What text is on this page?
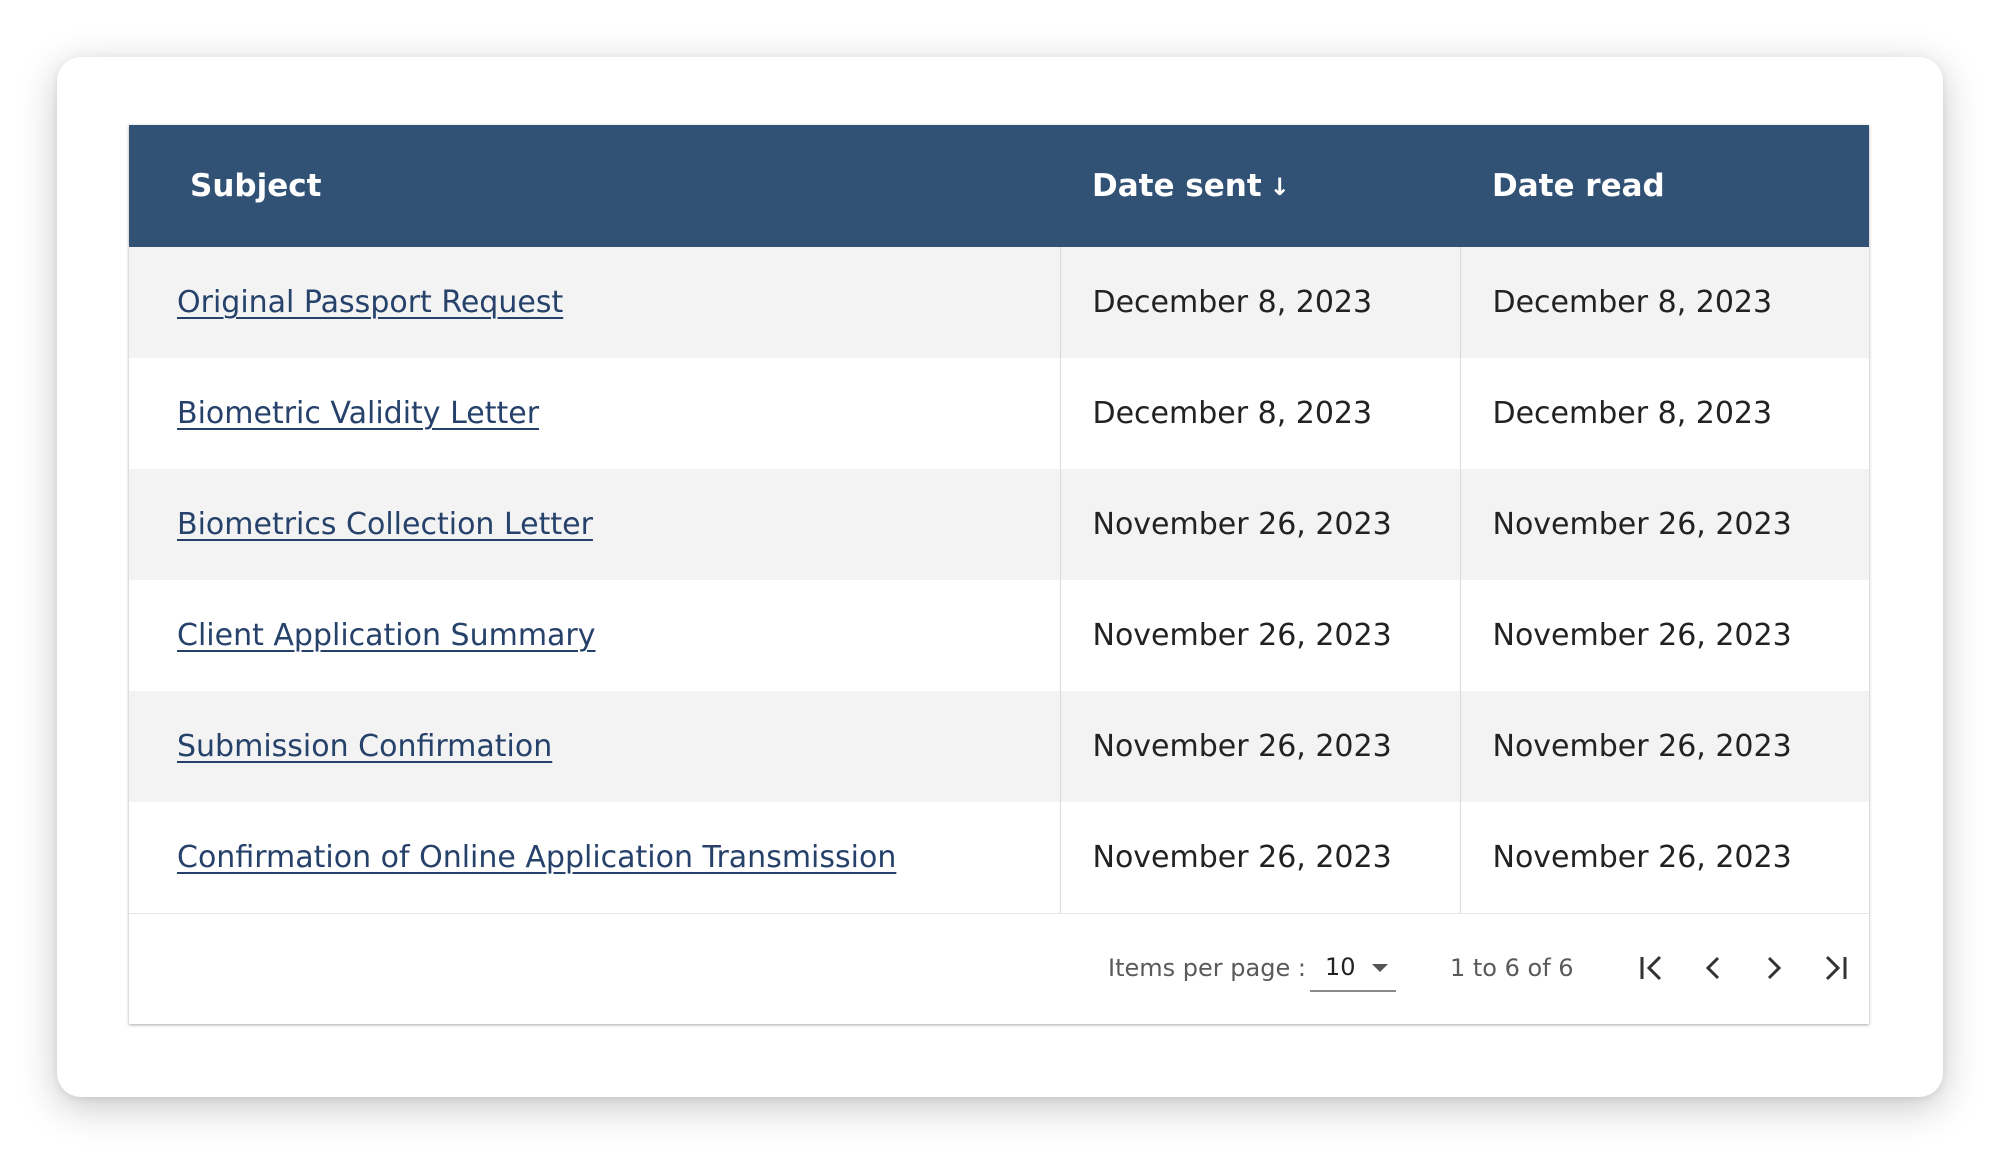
Subject	Date sent ↓	Date read
Original Passport Request	December 8, 2023	December 8, 2023
Biometric Validity Letter	December 8, 2023	December 8, 2023
Biometrics Collection Letter	November 26, 2023	November 26, 2023
Client Application Summary	November 26, 2023	November 26, 2023
Submission Confirmation	November 26, 2023	November 26, 2023
Confirmation of Online Application Transmission	November 26, 2023	November 26, 2023
Items per page : 10	1 to 6 of 6
